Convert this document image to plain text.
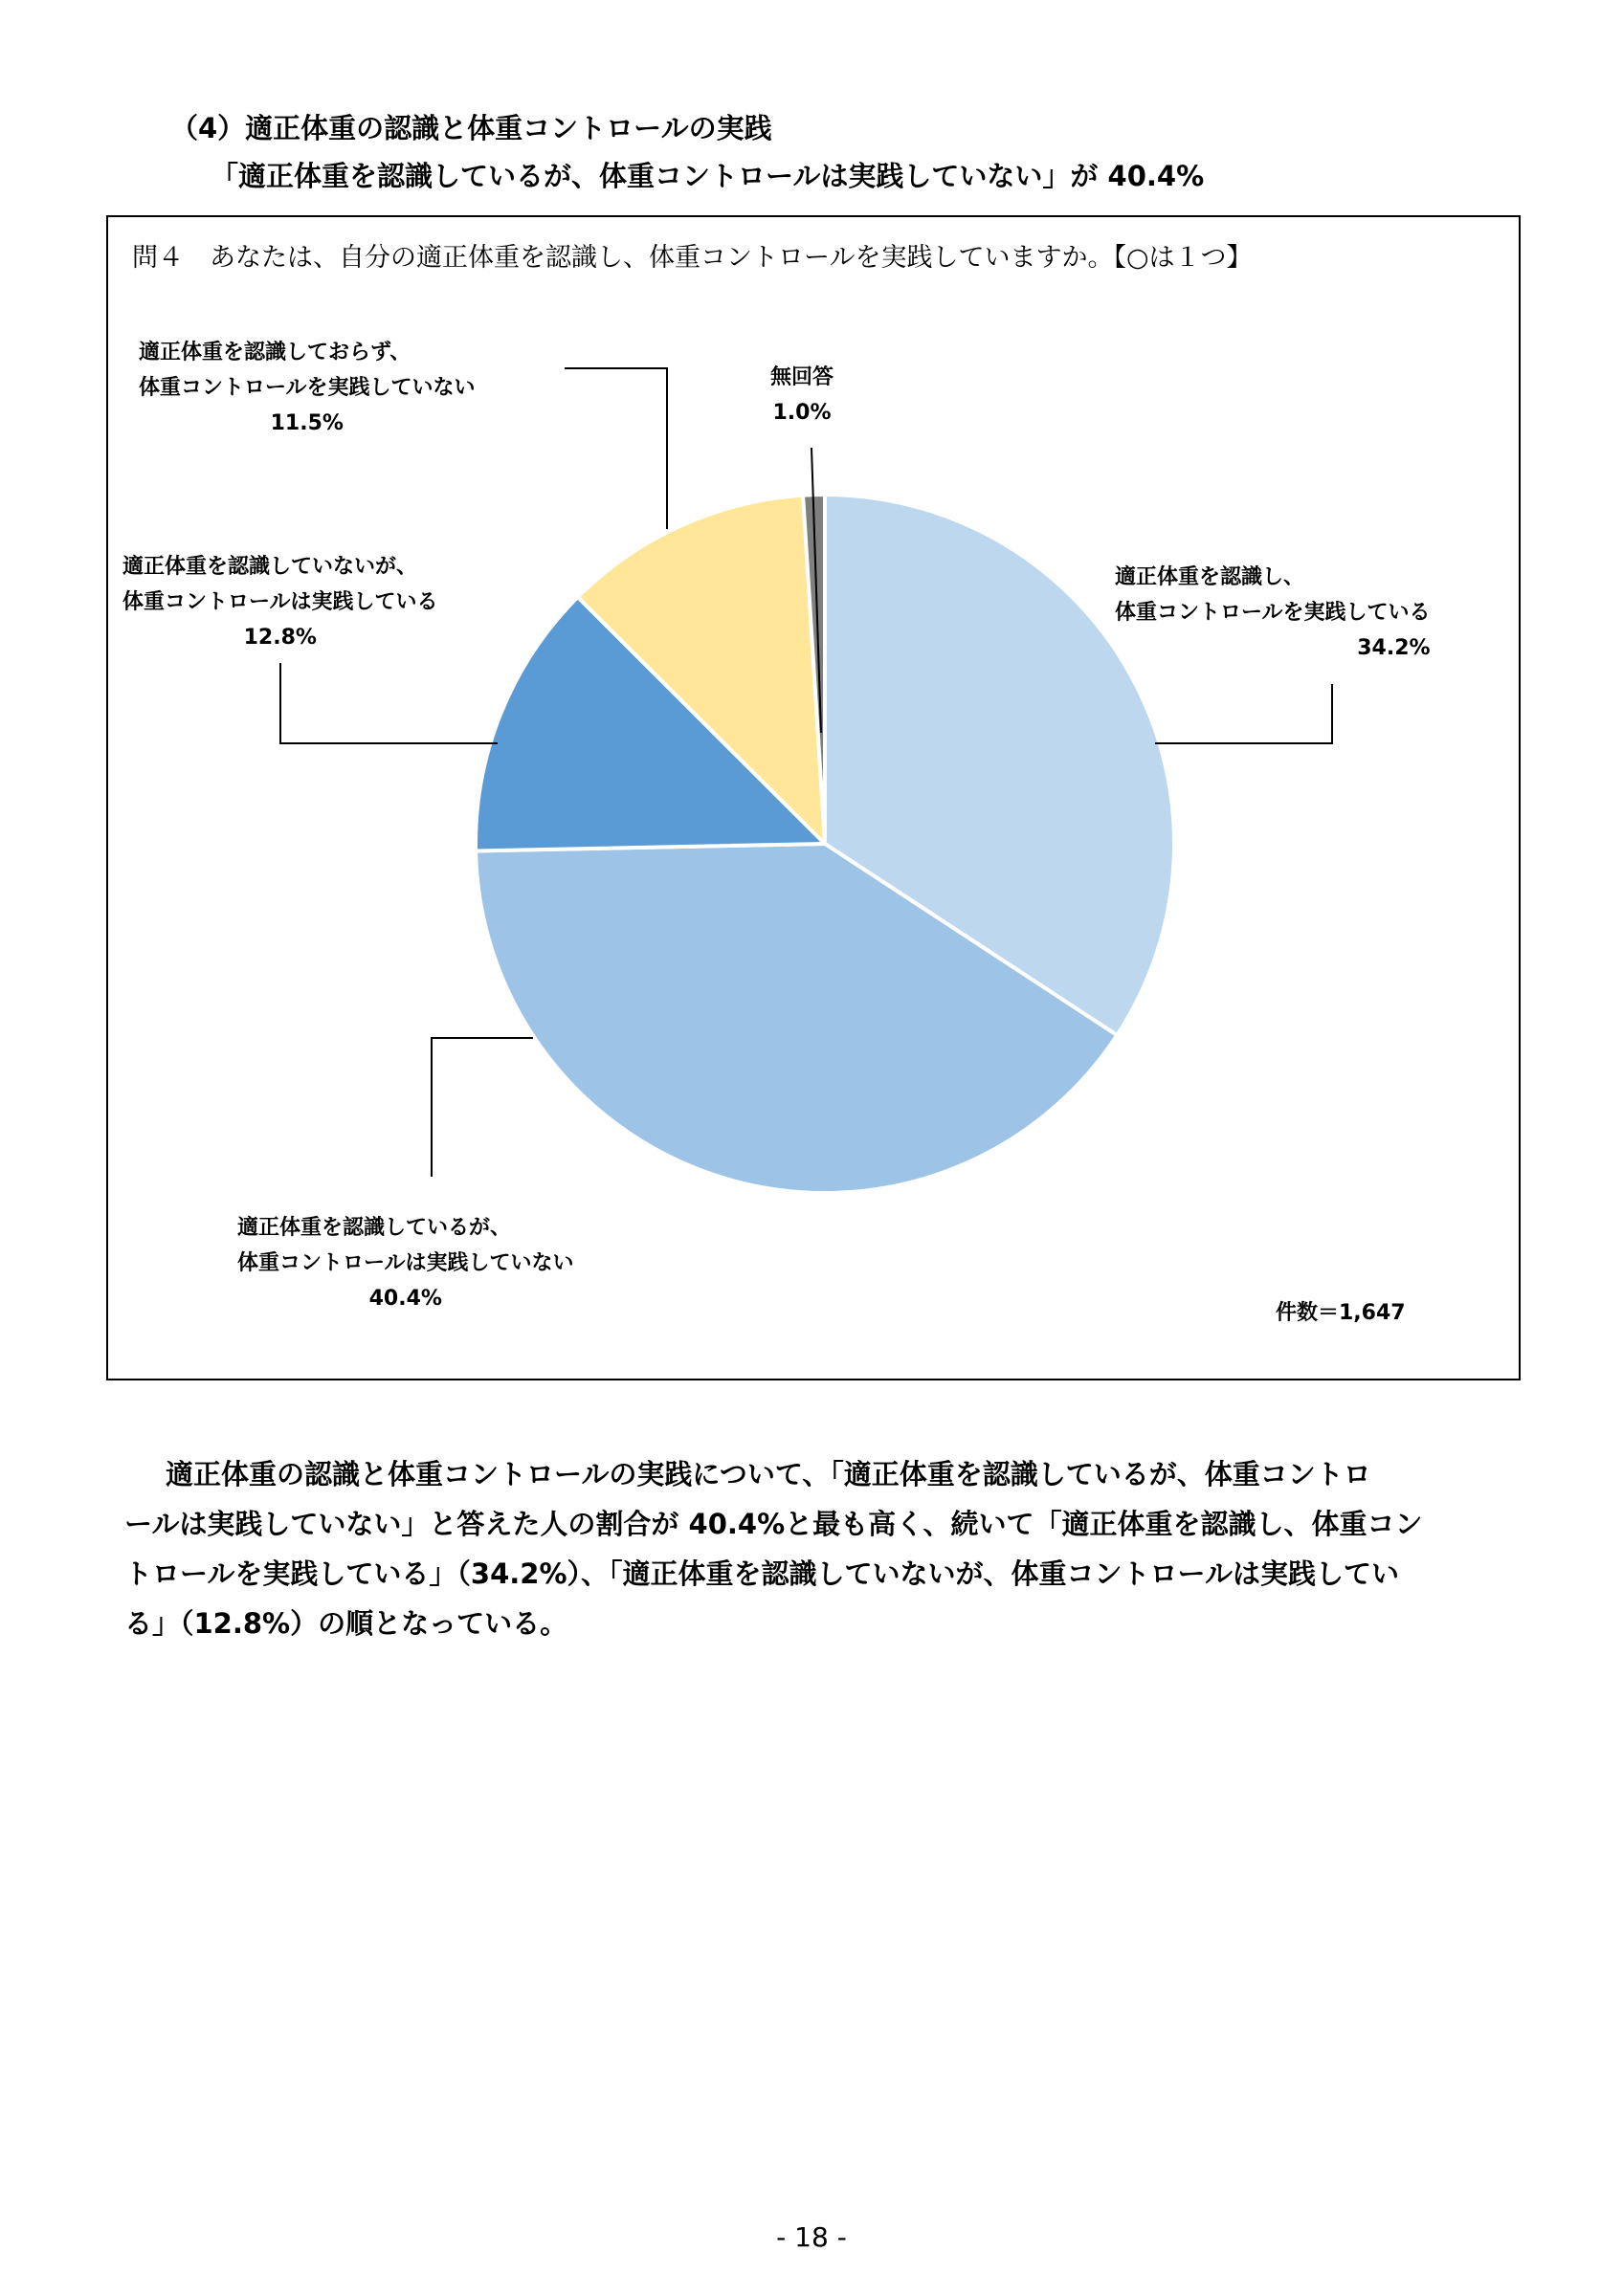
（4）適正体重の認識と体重コントロールの実践
「適正体重を認識しているが、体重コントロールは実践していない」が 40.4%
問４　あなたは、自分の適正体重を認識し、体重コントロールを実践していますか。【○は１つ】
適正体重を認識し、
体重コントロールを実践している
34.2%
適正体重を認識しているが、
体重コントロールは実践していない
40.4%
適正体重を認識していないが、
体重コントロールは実践している
12.8%
適正体重を認識しておらず、
体重コントロールを実践していない
11.5%
無回答
1.0%
件数＝1,647
適正体重の認識と体重コントロールの実践について、「適正体重を認識しているが、体重コントロ
ールは実践していない」と答えた人の割合が 40.4%と最も高く、続いて「適正体重を認識し、体重コン
トロールを実践している」（34.2%）、「適正体重を認識していないが、体重コントロールは実践してい
る」（12.8%）の順となっている。
- 18 -
